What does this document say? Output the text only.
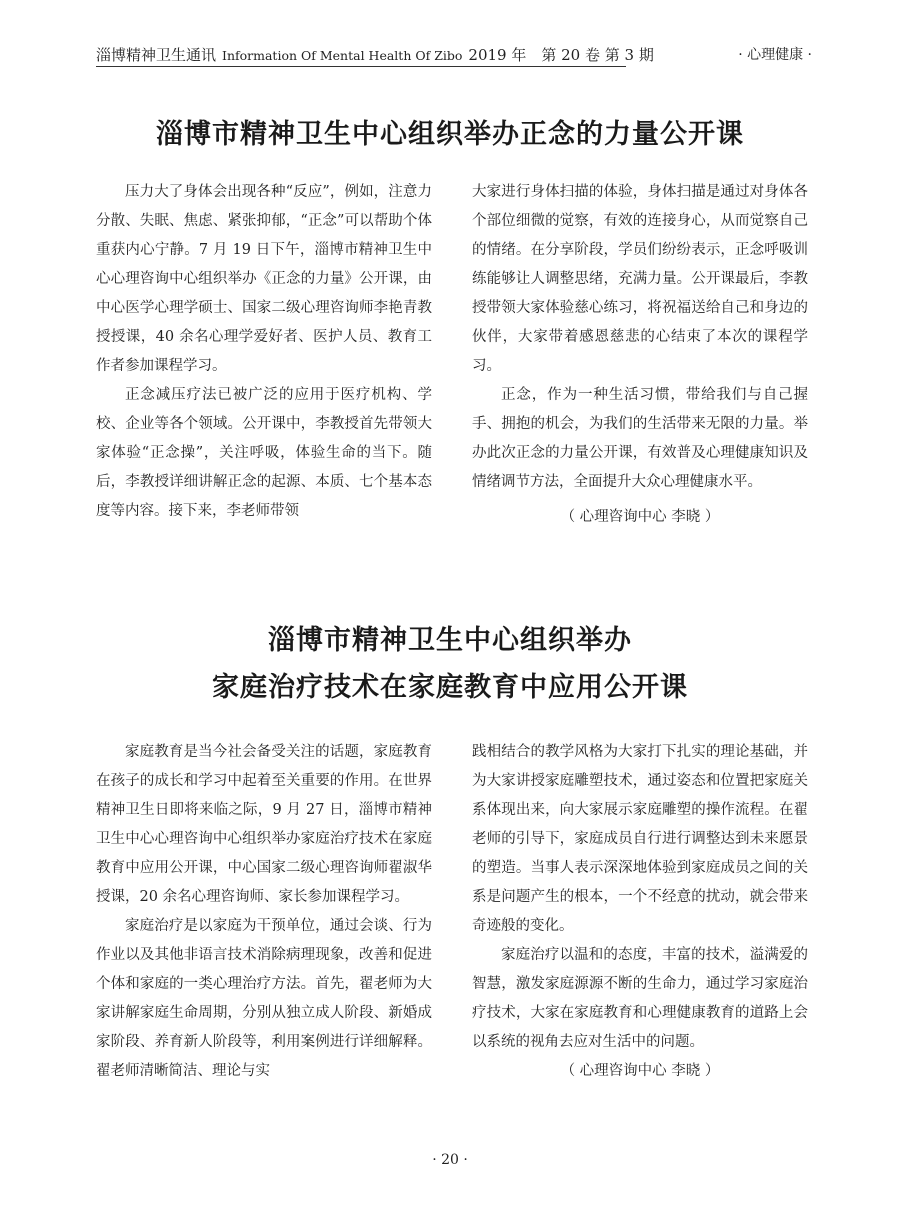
淄博精神卫生通讯 Information Of Mental Health Of Zibo 2019 年　第 20 卷 第 3 期	· 心理健康 ·
淄博市精神卫生中心组织举办正念的力量公开课

压力大了身体会出现各种“反应”，例如，注意力分散、失眠、焦虑、紧张抑郁，“正念”可以帮助个体重获内心宁静。7 月 19 日下午，淄博市精神卫生中心心理咨询中心组织举办《正念的力量》公开课，由中心医学心理学硕士、国家二级心理咨询师李艳青教授授课，40 余名心理学爱好者、医护人员、教育工作者参加课程学习。

正念减压疗法已被广泛的应用于医疗机构、学校、企业等各个领域。公开课中，李教授首先带领大家体验“正念操”，关注呼吸，体验生命的当下。随后，李教授详细讲解正念的起源、本质、七个基本态度等内容。接下来，李老师带领

大家进行身体扫描的体验，身体扫描是通过对身体各个部位细微的觉察，有效的连接身心，从而觉察自己的情绪。在分享阶段，学员们纷纷表示，正念呼吸训练能够让人调整思绪，充满力量。公开课最后，李教授带领大家体验慈心练习，将祝福送给自己和身边的伙伴，大家带着感恩慈悲的心结束了本次的课程学习。

正念，作为一种生活习惯，带给我们与自己握手、拥抱的机会，为我们的生活带来无限的力量。举办此次正念的力量公开课，有效普及心理健康知识及情绪调节方法，全面提升大众心理健康水平。

（ 心理咨询中心 李晓 ）

淄博市精神卫生中心组织举办
家庭治疗技术在家庭教育中应用公开课

家庭教育是当今社会备受关注的话题，家庭教育在孩子的成长和学习中起着至关重要的作用。在世界精神卫生日即将来临之际，9 月 27 日，淄博市精神卫生中心心理咨询中心组织举办家庭治疗技术在家庭教育中应用公开课，中心国家二级心理咨询师翟淑华授课，20 余名心理咨询师、家长参加课程学习。

家庭治疗是以家庭为干预单位，通过会谈、行为作业以及其他非语言技术消除病理现象，改善和促进个体和家庭的一类心理治疗方法。首先，翟老师为大家讲解家庭生命周期，分别从独立成人阶段、新婚成家阶段、养育新人阶段等，利用案例进行详细解释。翟老师清晰简洁、理论与实

践相结合的教学风格为大家打下扎实的理论基础，并为大家讲授家庭雕塑技术，通过姿态和位置把家庭关系体现出来，向大家展示家庭雕塑的操作流程。在翟老师的引导下，家庭成员自行进行调整达到未来愿景的塑造。当事人表示深深地体验到家庭成员之间的关系是问题产生的根本，一个不经意的扰动，就会带来奇迹般的变化。

家庭治疗以温和的态度，丰富的技术，溢满爱的智慧，激发家庭源源不断的生命力，通过学习家庭治疗技术，大家在家庭教育和心理健康教育的道路上会以系统的视角去应对生活中的问题。

（ 心理咨询中心 李晓 ）

· 20 ·
